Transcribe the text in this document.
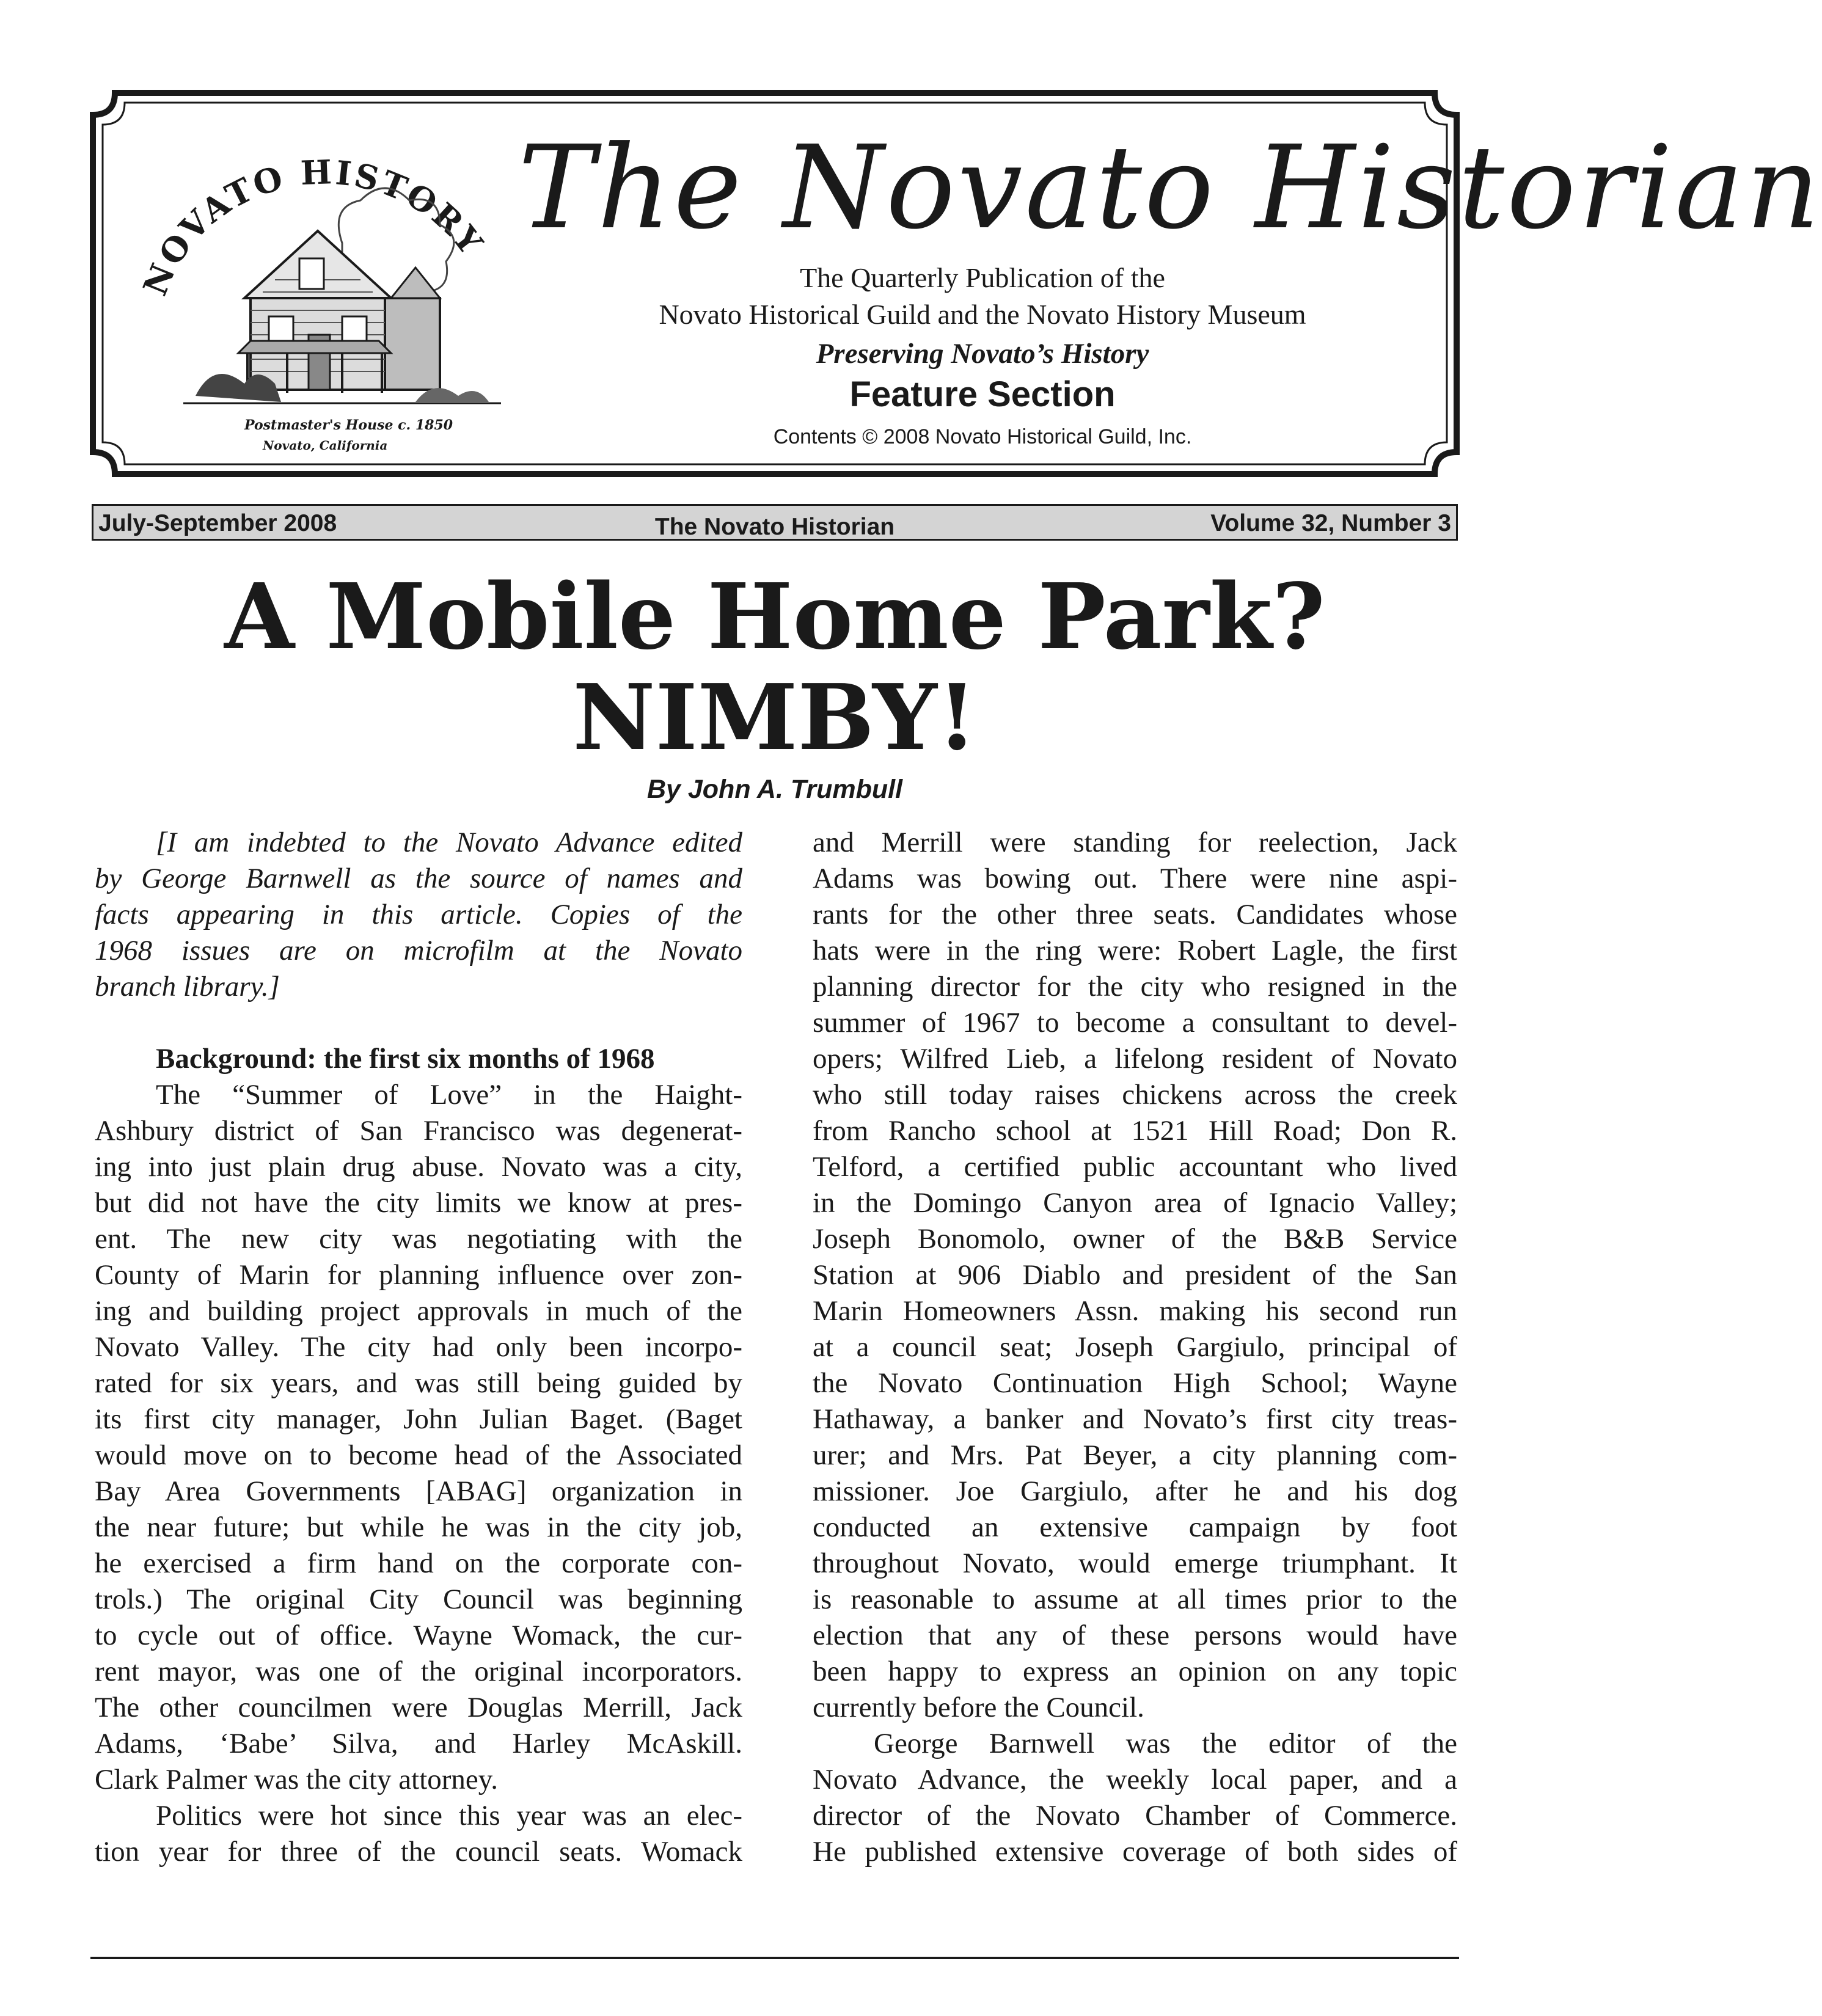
NOVATO HISTORY
Postmaster's House c. 1850
Novato, California
The Novato Historian
The Quarterly Publication of the
Novato Historical Guild and the Novato History Museum
Preserving Novato’s History
Feature Section
Contents © 2008 Novato Historical Guild, Inc.
July-September 2008	The Novato Historian	Volume 32, Number 3
A Mobile Home Park?
NIMBY!
By John A. Trumbull

[I am indebted to the Novato Advance edited

by George Barnwell as the source of names and

facts appearing in this article. Copies of the

1968 issues are on microfilm at the Novato

branch library.]

Background: the first six months of 1968

The “Summer of Love” in the Haight-

Ashbury district of San Francisco was degenerat-

ing into just plain drug abuse. Novato was a city,

but did not have the city limits we know at pres-

ent. The new city was negotiating with the

County of Marin for planning influence over zon-

ing and building project approvals in much of the

Novato Valley. The city had only been incorpo-

rated for six years, and was still being guided by

its first city manager, John Julian Baget. (Baget

would move on to become head of the Associated

Bay Area Governments [ABAG] organization in

the near future; but while he was in the city job,

he exercised a firm hand on the corporate con-

trols.) The original City Council was beginning

to cycle out of office. Wayne Womack, the cur-

rent mayor, was one of the original incorporators.

The other councilmen were Douglas Merrill, Jack

Adams, ‘Babe’ Silva, and Harley McAskill.

Clark Palmer was the city attorney.

Politics were hot since this year was an elec-

tion year for three of the council seats. Womack

and Merrill were standing for reelection, Jack

Adams was bowing out. There were nine aspi-

rants for the other three seats. Candidates whose

hats were in the ring were: Robert Lagle, the first

planning director for the city who resigned in the

summer of 1967 to become a consultant to devel-

opers; Wilfred Lieb, a lifelong resident of Novato

who still today raises chickens across the creek

from Rancho school at 1521 Hill Road; Don R.

Telford, a certified public accountant who lived

in the Domingo Canyon area of Ignacio Valley;

Joseph Bonomolo, owner of the B&B Service

Station at 906 Diablo and president of the San

Marin Homeowners Assn. making his second run

at a council seat; Joseph Gargiulo, principal of

the Novato Continuation High School; Wayne

Hathaway, a banker and Novato’s first city treas-

urer; and Mrs. Pat Beyer, a city planning com-

missioner. Joe Gargiulo, after he and his dog

conducted an extensive campaign by foot

throughout Novato, would emerge triumphant. It

is reasonable to assume at all times prior to the

election that any of these persons would have

been happy to express an opinion on any topic

currently before the Council.

George Barnwell was the editor of the

Novato Advance, the weekly local paper, and a

director of the Novato Chamber of Commerce.

He published extensive coverage of both sides of
